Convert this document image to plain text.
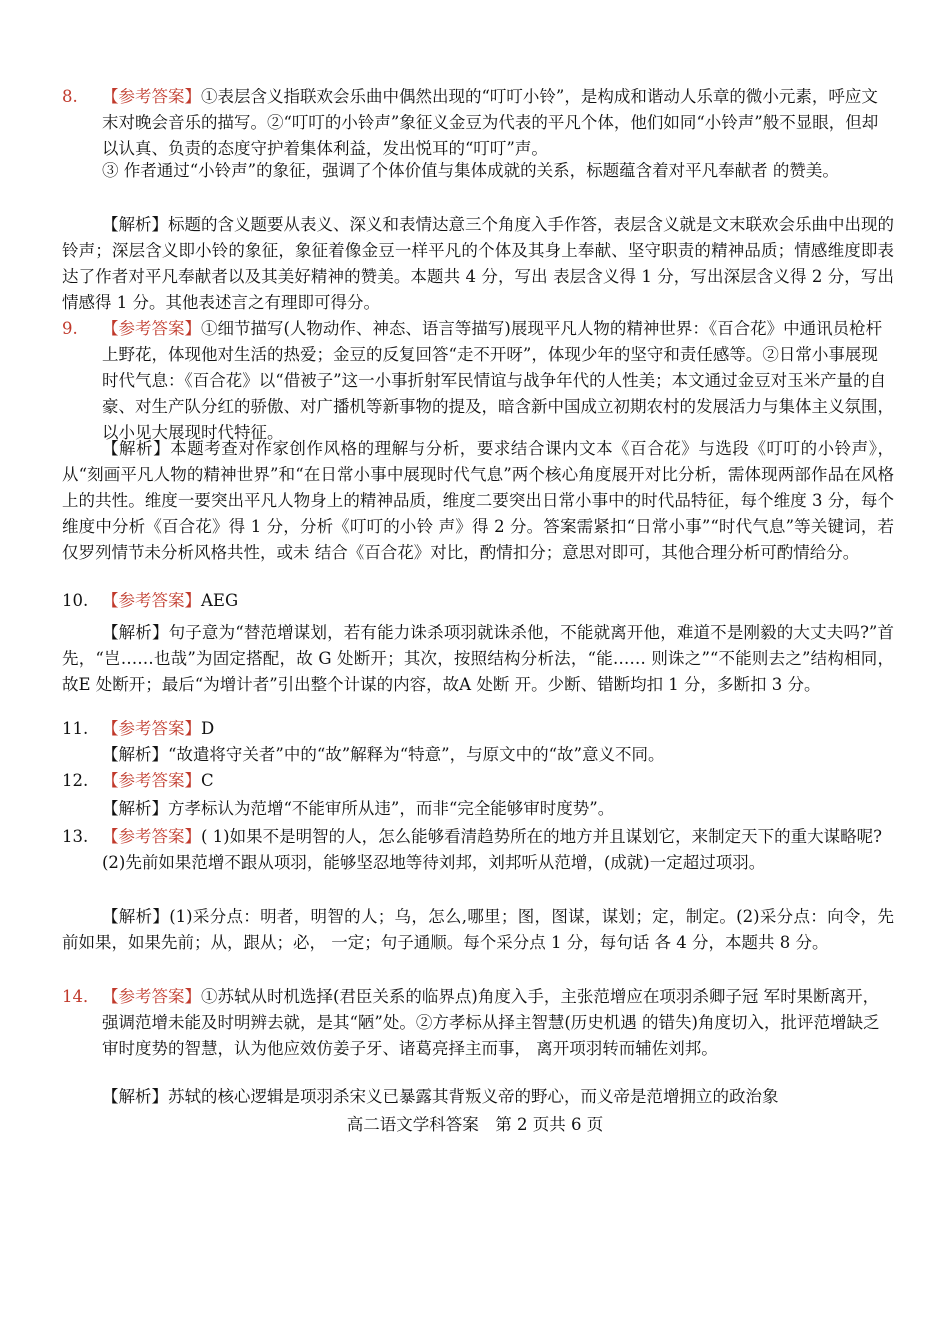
8. 【参考答案】①表层含义指联欢会乐曲中偶然出现的“叮叮小铃”，是构成和谐动人乐章的微小元素，呼应文末对晚会音乐的描写。②“叮叮的小铃声”象征义金豆为代表的平凡个体，他们如同“小铃声”般不显眼，但却以认真、负责的态度守护着集体利益，发出悦耳的“叮叮”声。
③ 作者通过“小铃声”的象征，强调了个体价值与集体成就的关系，标题蕴含着对平凡奉献者 的赞美。
【解析】标题的含义题要从表义、深义和表情达意三个角度入手作答，表层含义就是文末联欢会乐曲中出现的铃声；深层含义即小铃的象征，象征着像金豆一样平凡的个体及其身上奉献、坚守职责的精神品质；情感维度即表达了作者对平凡奉献者以及其美好精神的赞美。本题共 4 分，写出 表层含义得 1 分，写出深层含义得 2 分，写出情感得 1 分。其他表述言之有理即可得分。
9. 【参考答案】①细节描写(人物动作、神态、语言等描写)展现平凡人物的精神世界：《百合花》中通讯员枪杆上野花，体现他对生活的热爱；金豆的反复回答“走不开呀”，体现少年的坚守和责任感等。②日常小事展现时代气息：《百合花》以“借被子”这一小事折射军民情谊与战争年代的人性美；本文通过金豆对玉米产量的自豪、对生产队分红的骄傲、对广播机等新事物的提及，暗含新中国成立初期农村的发展活力与集体主义氛围，以小见大展现时代特征。
【解析】本题考查对作家创作风格的理解与分析，要求结合课内文本《百合花》与选段《叮叮的小铃声》，从“刻画平凡人物的精神世界”和“在日常小事中展现时代气息”两个核心角度展开对比分析，需体现两部作品在风格上的共性。维度一要突出平凡人物身上的精神品质，维度二要突出日常小事中的时代品特征，每个维度 3 分，每个维度中分析《百合花》得 1 分，分析《叮叮的小铃 声》得 2 分。答案需紧扣“日常小事”“时代气息”等关键词，若仅罗列情节未分析风格共性，或未 结合《百合花》对比，酌情扣分；意思对即可，其他合理分析可酌情给分。
10. 【参考答案】AEG
【解析】句子意为“替范增谋划，若有能力诛杀项羽就诛杀他，不能就离开他，难道不是刚毅的大丈夫吗?”首先，“岂……也哉”为固定搭配，故 G 处断开；其次，按照结构分析法，“能…… 则诛之”“不能则去之”结构相同，故E 处断开；最后“为增计者”引出整个计谋的内容，故A 处断 开。少断、错断均扣 1 分，多断扣 3 分。
11. 【参考答案】D
【解析】“故遣将守关者”中的“故”解释为“特意”，与原文中的“故”意义不同。
12. 【参考答案】C
【解析】方孝标认为范增“不能审所从违”，而非“完全能够审时度势”。
13. 【参考答案】( 1)如果不是明智的人，怎么能够看清趋势所在的地方并且谋划它，来制定天下的重大谋略呢?(2)先前如果范增不跟从项羽，能够坚忍地等待刘邦，刘邦听从范增，(成就)一定超过项羽。
【解析】(1)采分点：明者，明智的人；乌，怎么,哪里；图，图谋，谋划；定，制定。(2)采分点：向令，先前如果，如果先前；从，跟从；必， 一定；句子通顺。每个采分点 1 分，每句话 各 4 分，本题共 8 分。
14． 【参考答案】①苏轼从时机选择(君臣关系的临界点)角度入手，主张范增应在项羽杀卿子冠 军时果断离开，强调范增未能及时明辨去就，是其“陋”处。②方孝标从择主智慧(历史机遇 的错失)角度切入，批评范增缺乏审时度势的智慧，认为他应效仿姜子牙、诸葛亮择主而事， 离开项羽转而辅佐刘邦。
【解析】苏轼的核心逻辑是项羽杀宋义已暴露其背叛义帝的野心，而义帝是范增拥立的政治象
高二语文学科答案　第 2 页共 6 页
